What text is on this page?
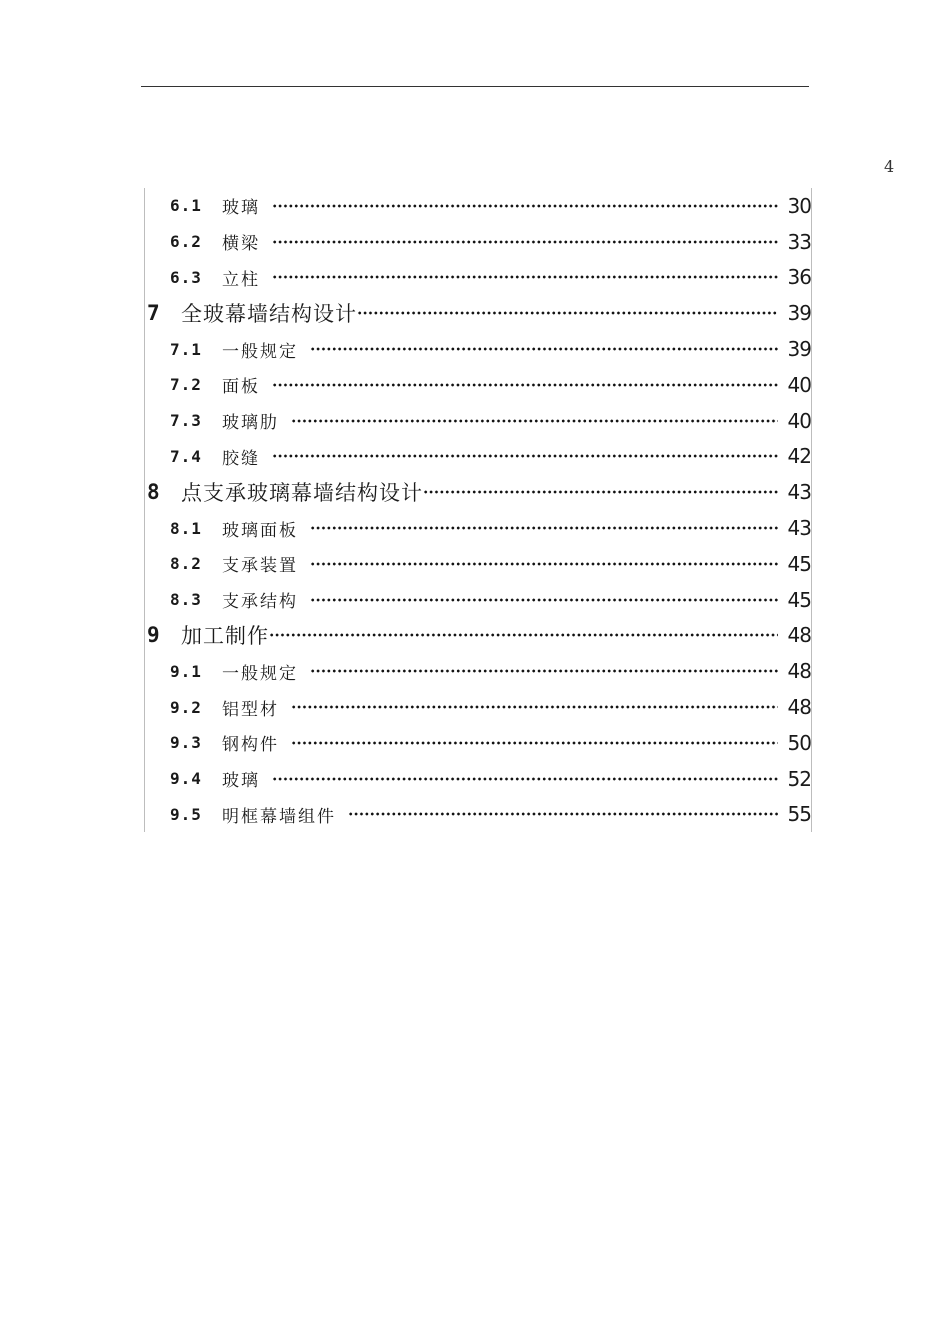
4
6.1	玻璃	30
6.2	横梁	33
6.3	立柱	36
7	全玻幕墙结构设计	39
7.1	一般规定	39
7.2	面板	40
7.3	玻璃肋	40
7.4	胶缝	42
8	点支承玻璃幕墙结构设计	43
8.1	玻璃面板	43
8.2	支承装置	45
8.3	支承结构	45
9	加工制作	48
9.1	一般规定	48
9.2	铝型材	48
9.3	钢构件	50
9.4	玻璃	52
9.5	明框幕墙组件	55
